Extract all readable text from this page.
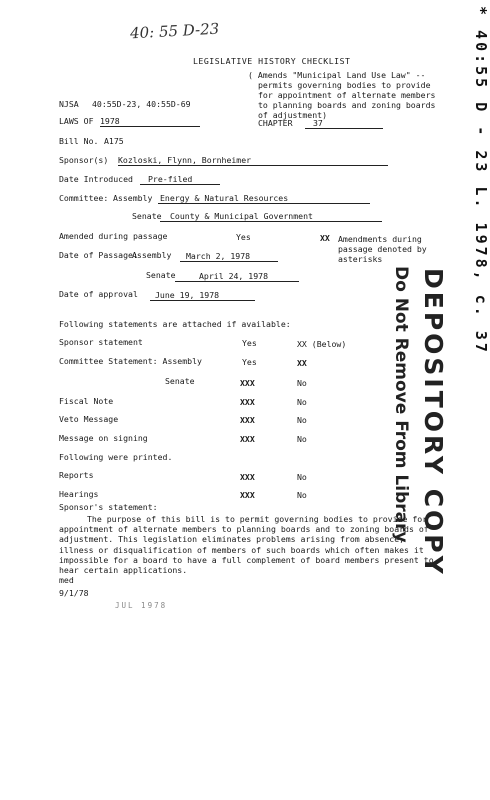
40: 55 D-23
LEGISLATIVE HISTORY CHECKLIST
( Amends "Municipal Land Use Law" --
permits governing bodies to provide
for appointment of alternate members
to planning boards and zoning boards
of adjustment)
NJSA 40:55D-23, 40:55D-69
LAWS OF 1978	CHAPTER	37
Bill No. A175
Sponsor(s) Kozloski, Flynn, Bornheimer
Date Introduced	Pre-filed
Committee: Assembly Energy & Natural Resources
Senate	County & Municipal Government
Amended during passage	Yes	XX Amendments during
passage denoted by
asterisks
Date of Passage:
Assembly	March 2, 1978
Senate	April 24, 1978
Date of approval	June 19, 1978
Following statements are attached if available:
Sponsor statement	Yes	XX (Below)
Committee Statement: Assembly	Yes	XX
Senate	XXX	No
Fiscal Note	XXX	No
Veto Message	XXX	No
Message on signing	XXX	No
Following were printed.
Reports	XXX	No
Hearings	XXX	No
Sponsor's statement:
The purpose of this bill is to permit governing bodies to provide for appointment of alternate members to planning boards and to zoning boards of adjustment. This legislation eliminates problems arising from absence, illness or disqualification of members of such boards which often makes it impossible for a board to have a full complement of board members present to hear certain applications.
med
9/1/78
JUL 1978
DEPOSITORY COPY
Do Not Remove From Library
* 40:55 D - 23 L. 1978, c. 37
